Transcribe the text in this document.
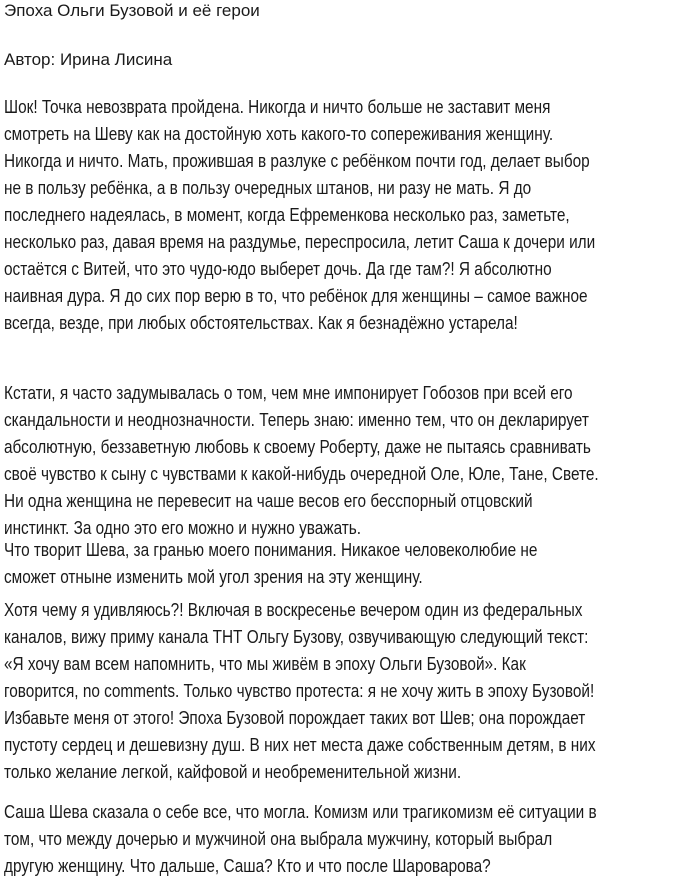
Эпоха Ольги Бузовой и её герои
Автор: Ирина Лисина
Шок! Точка невозврата пройдена. Никогда и ничто больше не заставит меня
смотреть на Шеву как на достойную хоть какого-то сопереживания женщину.
Никогда и ничто. Мать, прожившая в разлуке с ребёнком почти год, делает выбор
не в пользу ребёнка, а в пользу очередных штанов, ни разу не мать. Я до
последнего надеялась, в момент, когда Ефременкова несколько раз, заметьте,
несколько раз, давая время на раздумье, переспросила, летит Саша к дочери или
остаётся с Витей, что это чудо-юдо выберет дочь. Да где там?! Я абсолютно
наивная дура. Я до сих пор верю в то, что ребёнок для женщины – самое важное
всегда, везде, при любых обстоятельствах. Как я безнадёжно устарела!
Кстати, я часто задумывалась о том, чем мне импонирует Гобозов при всей его
скандальности и неоднозначности. Теперь знаю: именно тем, что он декларирует
абсолютную, беззаветную любовь к своему Роберту, даже не пытаясь сравнивать
своё чувство к сыну с чувствами к какой-нибудь очередной Оле, Юле, Тане, Свете.
Ни одна женщина не перевесит на чаше весов его бесспорный отцовский
инстинкт. За одно это его можно и нужно уважать.
Что творит Шева, за гранью моего понимания. Никакое человеколюбие не
сможет отныне изменить мой угол зрения на эту женщину.
Хотя чему я удивляюсь?! Включая в воскресенье вечером один из федеральных
каналов, вижу приму канала ТНТ Ольгу Бузову, озвучивающую следующий текст:
«Я хочу вам всем напомнить, что мы живём в эпоху Ольги Бузовой». Как
говорится, no comments. Только чувство протеста: я не хочу жить в эпоху Бузовой!
Избавьте меня от этого! Эпоха Бузовой порождает таких вот Шев; она порождает
пустоту сердец и дешевизну душ. В них нет места даже собственным детям, в них
только желание легкой, кайфовой и необременительной жизни.
Саша Шева сказала о себе все, что могла. Комизм или трагикомизм её ситуации в
том, что между дочерью и мужчиной она выбрала мужчину, который выбрал
другую женщину. Что дальше, Саша? Кто и что после Шароварова?
